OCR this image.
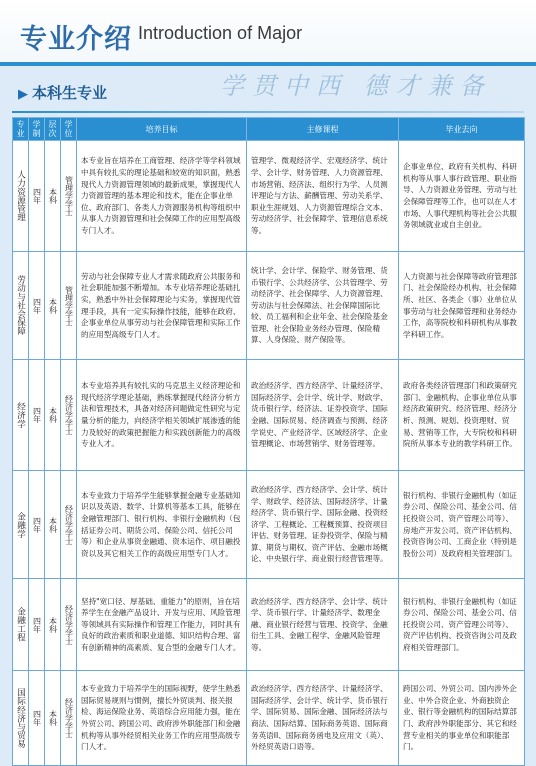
专业介绍 Introduction of Major
▶ 本科生专业	学贯中西 德才兼备
专业	学制	层次	学位	培养目标	主修课程	毕业去向
人力资源管理	四年	本科	管理学学士	本专业旨在培养在工商管理、经济学等学科领域中具有较扎实的理论基础和较宽的知识面，熟悉现代人力资源管理领域的最新成果，掌握现代人力资源管理的基本理论和技术，能在企事业单位、政府部门、各类人力资源服务机构等组织中从事人力资源管理和社会保障工作的应用型高级专门人才。	管理学、微观经济学、宏观经济学、统计学、会计学、财务管理、人力资源管理、市场营销、经济法、组织行为学、人员测评理论与方法、薪酬管理、劳动关系学、职业生涯规划、人力资源管理综合文本、劳动经济学、社会保障学、管理信息系统等。	企事业单位、政府有关机构、科研机构等从事人事行政管理、职业指导、人力资源业务管理、劳动与社会保障管理等工作，也可以在人才市场、人事代理机构等社会公共服务领域就业或自主创业。
劳动与社会保障	四年	本科	管理学学士	劳动与社会保障专业人才需求随政府公共服务和社会职能加强不断增加。本专业培养理论基础扎实，熟悉中外社会保障理论与实务，掌握现代管理手段，具有一定实际操作技能，能够在政府、企事业单位从事劳动与社会保障管理和实际工作的应用型高级专门人才。	统计学、会计学、保险学、财务管理、货币银行学、公共经济学、公共管理学、劳动经济学、社会保障学、人力资源管理、劳动法与社会保障法、社会保障国际比较、员工福利和企业年金、社会保险基金管理、社会保险业务经办管理、保险精算、人身保险、财产保险等。	人力资源与社会保障等政府管理部门、社会保险经办机构、社会保障所、社区、各类企（事）业单位从事劳动与社会保障管理和业务经办工作，高等院校和科研机构从事教学科研工作。
经济学	四年	本科	经济学学士	本专业培养具有较扎实的马克思主义经济理论和现代经济学理论基础，熟练掌握现代经济分析方法和管理技术，具备对经济问题做定性研究与定量分析的能力，向经济学相关领域扩展渗透的能力及较好的政策把握能力和实践创新能力的高级专业人才。	政治经济学、西方经济学、计量经济学、国际经济学、会计学、统计学、财政学、货币银行学、经济法、证券投资学、国际金融、国际贸易、经济调查与预测、经济学说史、产业经济学、区域经济学、企业管理概论、市场营销学、财务管理等。	政府各类经济管理部门和政策研究部门、金融机构、企事业单位从事经济政策研究、经济管理、经济分析、预测、规划、投资理财、贸易、营销等工作，大专院校和科研院所从事本专业的教学科研工作。
金融学	四年	本科	经济学学士	本专业致力于培养学生能够掌握金融专业基础知识以及英语、数学、计算机等基本工具，能够在金融管理部门、银行机构、非银行金融机构（包括证券公司、期货公司、保险公司、信托公司等）和企业从事资金融通、资本运作、项目融投资以及其它相关工作的高级应用型专门人才。	政治经济学、西方经济学、会计学、统计学、财政学、经济法、国际经济学、计量经济学、货币银行学、国际金融、投资经济学、工程概论、工程概预算、投资项目评估、财务管理、证券投资学、保险与精算、期货与期权、资产评估、金融市场概论、中央银行学、商业银行经营管理等。	银行机构、非银行金融机构（如证券公司、保险公司、基金公司、信托投资公司、资产管理公司等）、房地产开发公司、资产评估机构、投资咨询公司、工商企业（特别是股份公司）及政府相关管理部门。
金融工程	四年	本科	经济学学士	坚持"宽口径、厚基础、重能力"的原则，旨在培养学生在金融产品设计、开发与应用、风险管理等领域具有实际操作和管理工作能力，同时具有良好的政治素质和职业道德、知识结构合理、富有创新精神的高素质、复合型的金融专门人才。	政治经济学、西方经济学、会计学、统计学、货币银行学、计量经济学、数理金融、商业银行经营与管理、投资学、金融衍生工具、金融工程学、金融风险管理等。	银行机构、非银行金融机构（如证券公司、保险公司、基金公司、信托投资公司、资产管理公司等）、资产评估机构、投资咨询公司及政府相关管理部门。
国际经济与贸易	四年	本科	经济学学士	本专业致力于培养学生的国际视野，使学生熟悉国际贸易规则与惯例，擅长外贸谈判、报关报检、海运保险业务、英语综合应用能力强，能在外贸公司、跨国公司、政府涉外职能部门和金融机构等从事外经贸相关业务工作的应用型高级专门人才。	政治经济学、西方经济学、计量经济学、国际经济学、会计学、统计学、货币银行学、国际贸易、国际金融、国际经济法与商法、国际结算、国际商务英语、国际商务英语II、国际商务函电及应用文（英）、外经贸英语口语等。	跨国公司、外贸公司、国内涉外企业、中外合资企业、外商独资企业、银行等金融机构的国际结算部门、政府涉外职能部分、其它和经营专业相关的事业单位和职能部门。
